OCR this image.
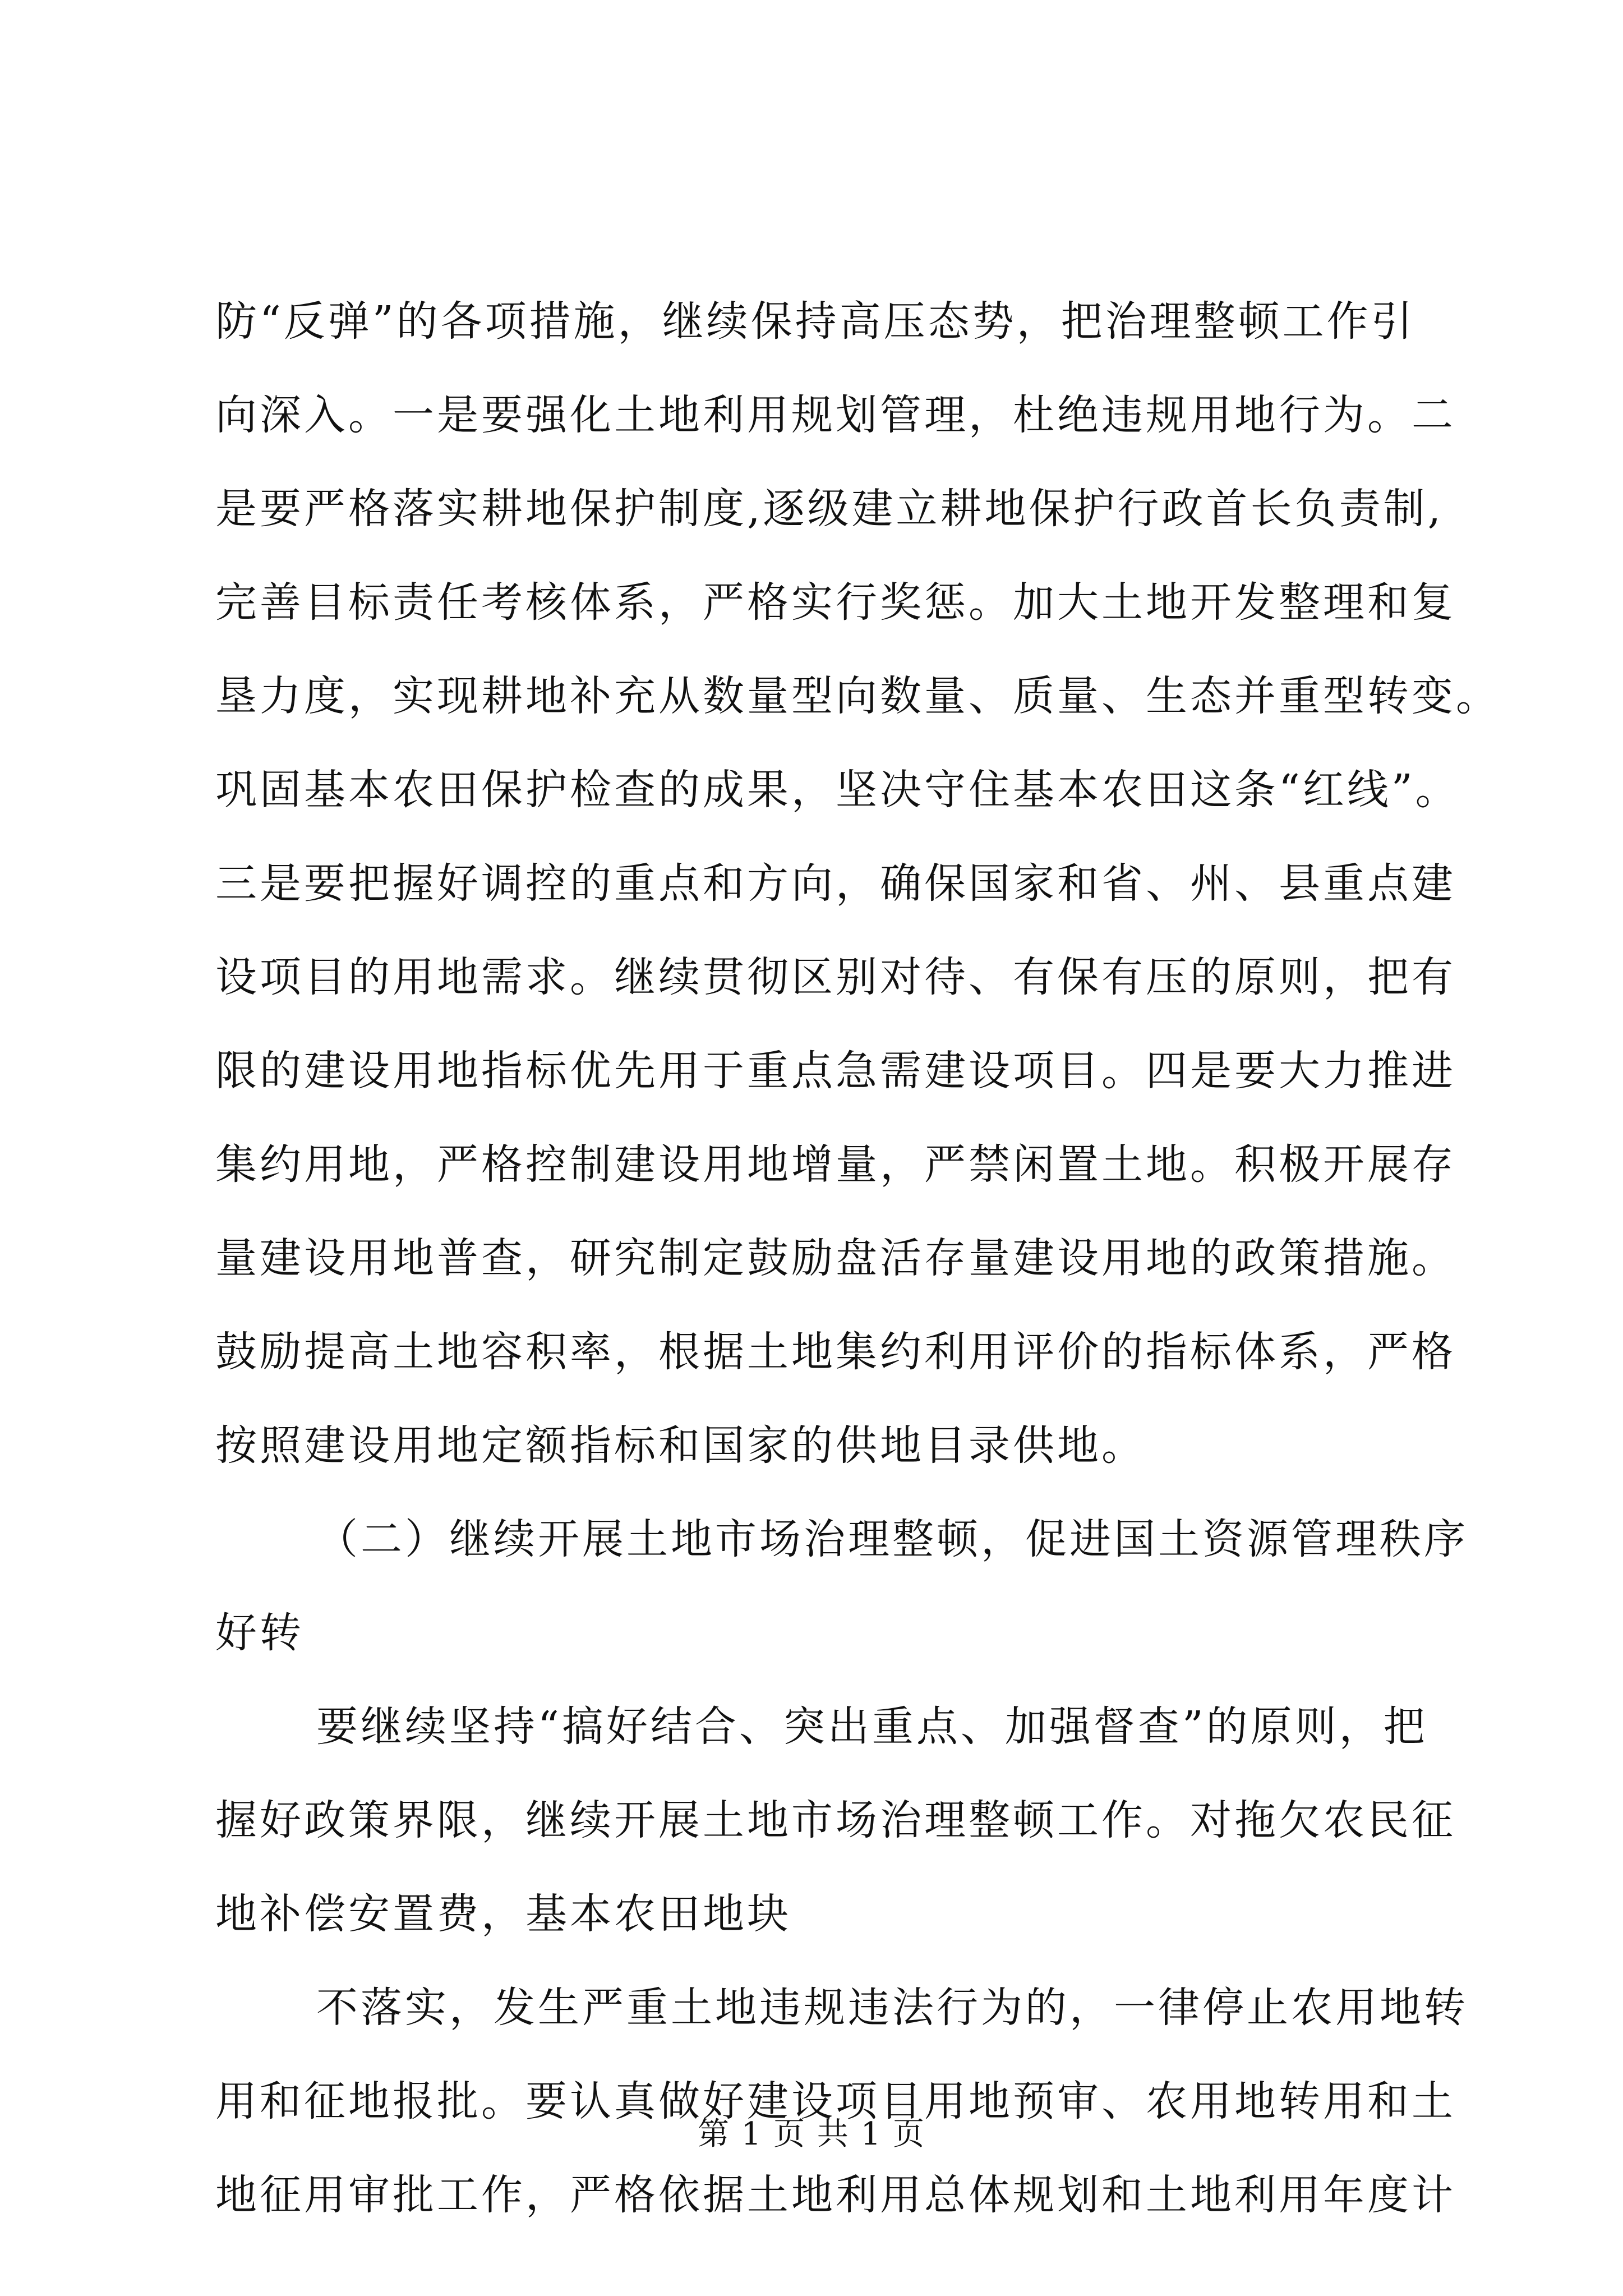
防“反弹”的各项措施，继续保持高压态势，把治理整顿工作引
向深入。一是要强化土地利用规划管理，杜绝违规用地行为。二
是要严格落实耕地保护制度,逐级建立耕地保护行政首长负责制,
完善目标责任考核体系，严格实行奖惩。加大土地开发整理和复
垦力度，实现耕地补充从数量型向数量、质量、生态并重型转变。
巩固基本农田保护检查的成果，坚决守住基本农田这条“红线”。
三是要把握好调控的重点和方向，确保国家和省、州、县重点建
设项目的用地需求。继续贯彻区别对待、有保有压的原则，把有
限的建设用地指标优先用于重点急需建设项目。四是要大力推进
集约用地，严格控制建设用地增量，严禁闲置土地。积极开展存
量建设用地普查，研究制定鼓励盘活存量建设用地的政策措施。
鼓励提高土地容积率，根据土地集约利用评价的指标体系，严格
按照建设用地定额指标和国家的供地目录供地。
（二）继续开展土地市场治理整顿，促进国土资源管理秩序
好转
要继续坚持“搞好结合、突出重点、加强督查”的原则，把
握好政策界限，继续开展土地市场治理整顿工作。对拖欠农民征
地补偿安置费，基本农田地块
不落实，发生严重土地违规违法行为的，一律停止农用地转
用和征地报批。要认真做好建设项目用地预审、农用地转用和土
地征用审批工作，严格依据土地利用总体规划和土地利用年度计
第 1 页 共 1 页
